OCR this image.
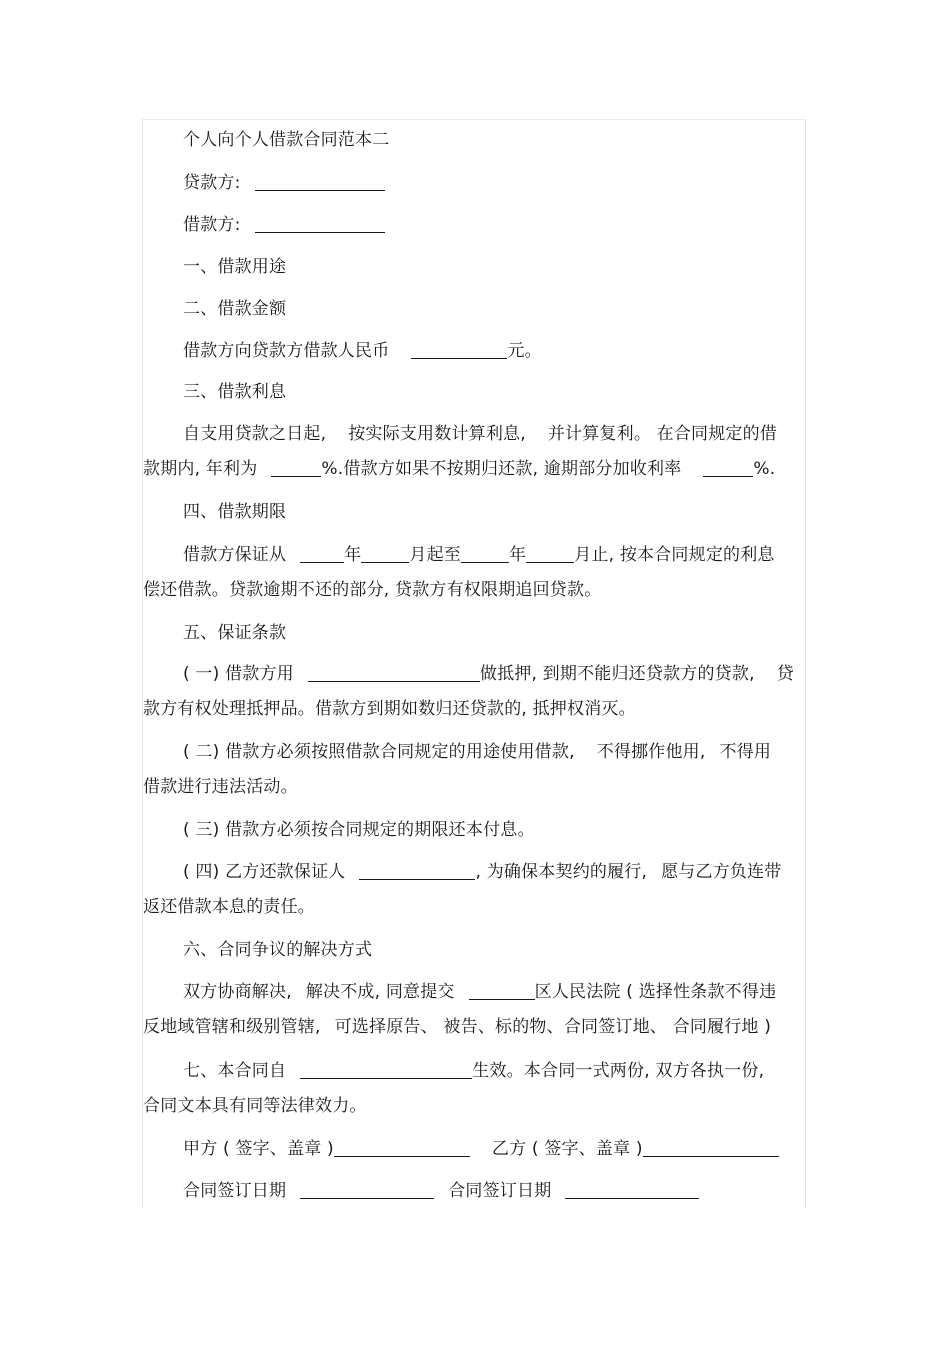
个人向个人借款合同范本二
贷款方:
借款方:
一、借款用途
二、借款金额
借款方向贷款方借款人民币	元。
三、借款利息
自支用贷款之日起, 按实际支用数计算利息, 并计算复利。 在合同规定的借
款期内, 年利为	%.借款方如果不按期归还款, 逾期部分加收利率	%.
四、借款期限
借款方保证从	年	月起至	年	月止, 按本合同规定的利息
偿还借款。贷款逾期不还的部分, 贷款方有权限期追回贷款。
五、保证条款
( 一) 借款方用	做抵押, 到期不能归还贷款方的贷款, 贷
款方有权处理抵押品。借款方到期如数归还贷款的, 抵押权消灭。
( 二) 借款方必须按照借款合同规定的用途使用借款, 不得挪作他用, 不得用
借款进行违法活动。
( 三) 借款方必须按合同规定的期限还本付息。
( 四) 乙方还款保证人	, 为确保本契约的履行, 愿与乙方负连带
返还借款本息的责任。
六、合同争议的解决方式
双方协商解决, 解决不成, 同意提交	区人民法院 ( 选择性条款不得违
反地域管辖和级别管辖, 可选择原告、 被告、标的物、合同签订地、 合同履行地 )
七、本合同自	生效。本合同一式两份, 双方各执一份,
合同文本具有同等法律效力。
甲方 ( 签字、盖章 )	乙方 ( 签字、盖章 )
合同签订日期	合同签订日期
